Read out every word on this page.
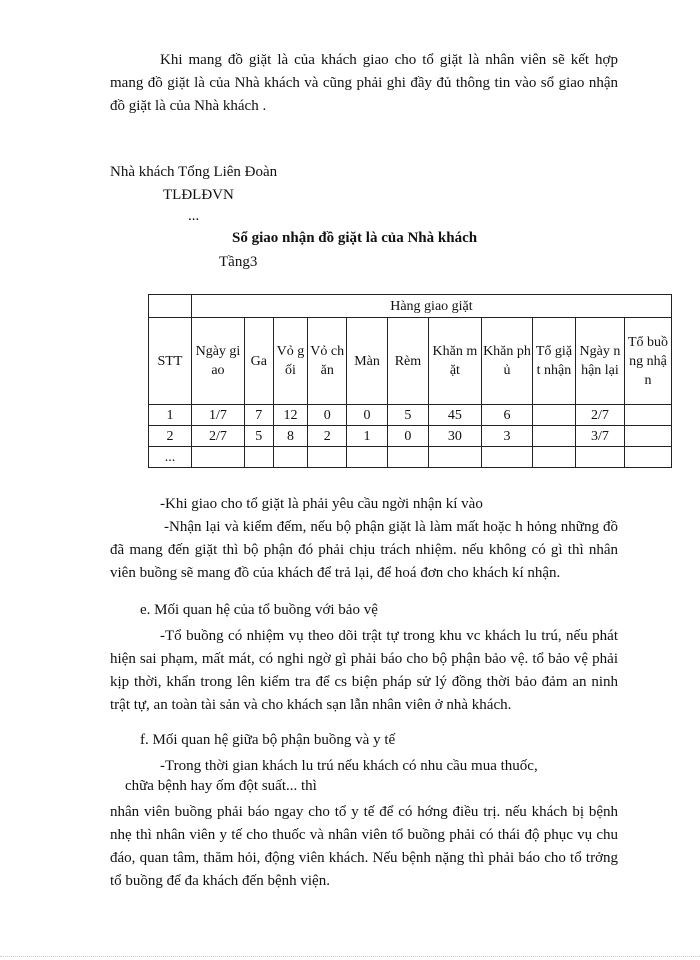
Khi mang đồ giặt là của khách giao cho tổ giặt là nhân viên sẽ kết hợp mang đồ giặt là của Nhà khách và cũng phải ghi đầy đủ thông tin vào sổ giao nhận đồ giặt là của Nhà khách .

Nhà khách Tổng Liên Đoàn

TLĐLĐVN

...

Sổ giao nhận đồ giặt là của Nhà khách

Tầng3

	Hàng giao giặt										
STT	Ngày giao	Ga	Vỏ gối	Vỏ chăn	Màn	Rèm	Khăn mặt	Khăn phủ	Tổ giặt nhận	Ngày nhận lại	Tổ buồng nhận
1	1/7	7	12	0	0	5	45	6		2/7	
2	2/7	5	8	2	1	0	30	3		3/7	
...											

-Khi giao cho tổ giặt là phải yêu cầu ngời nhận kí vào

-Nhận lại và kiểm đếm, nếu bộ phận giặt là làm mất hoặc h hỏng những đồ đã mang đến giặt thì bộ phận đó phải chịu trách nhiệm. nếu không có gì thì nhân viên buồng sẽ mang đồ của khách để trả lại, để hoá đơn cho khách kí nhận.

e. Mối quan hệ của tổ buồng với bảo vệ

-Tổ buồng có nhiệm vụ theo dõi trật tự trong khu vc khách lu trú, nếu phát hiện sai phạm, mất mát, có nghi ngờ gì phải báo cho bộ phận bảo vệ. tổ bảo vệ phải kịp thời, khẩn trong lên kiểm tra để cs biện pháp sử lý đồng thời bảo đảm an ninh trật tự, an toàn tài sản và cho khách sạn lẫn nhân viên ở nhà khách.

f. Mối quan hệ giữa bộ phận buồng và y tế

-Trong thời gian khách lu trú nếu khách có nhu cầu mua thuốc,

chữa bệnh hay ốm đột suất... thì

nhân viên buồng phải báo ngay cho tổ y tế để có hớng điều trị. nếu khách bị bệnh nhẹ thì nhân viên y tế cho thuốc và nhân viên tổ buồng phải có thái độ phục vụ chu đáo, quan tâm, thăm hỏi, động viên khách. Nếu bệnh nặng thì phải báo cho tổ trởng tổ buồng để đa khách đến bệnh viện.
